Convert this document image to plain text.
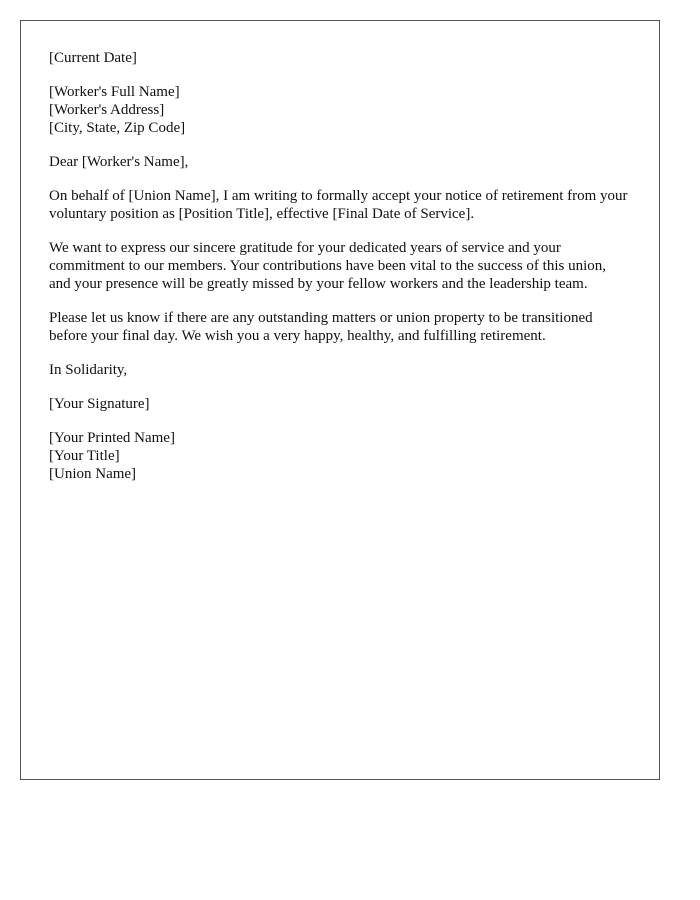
[Current Date]
[Worker's Full Name]
[Worker's Address]
[City, State, Zip Code]
Dear [Worker's Name],

On behalf of [Union Name], I am writing to formally accept your notice of retirement from your voluntary position as [Position Title], effective [Final Date of Service].

We want to express our sincere gratitude for your dedicated years of service and your commitment to our members. Your contributions have been vital to the success of this union, and your presence will be greatly missed by your fellow workers and the leadership team.

Please let us know if there are any outstanding matters or union property to be transitioned before your final day. We wish you a very happy, healthy, and fulfilling retirement.

In Solidarity,
[Your Signature]
[Your Printed Name]
[Your Title]
[Union Name]
